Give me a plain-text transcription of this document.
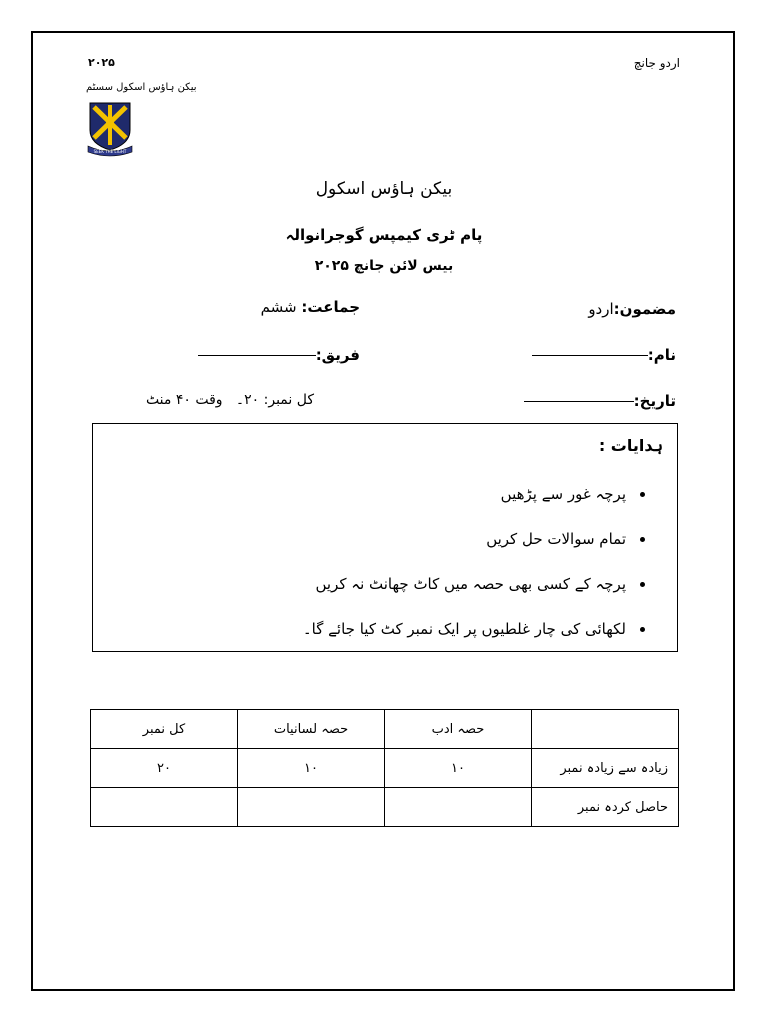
۲۰۲۵
بیکن ہاؤس اسکول سسٹم
اردو جانچ
SEEK THE LIGHT
بیکن ہاؤس اسکول
پام ٹری کیمپس گوجرانوالہ
بیس لائن جانچ ۲۰۲۵
مضمون:اردو
جماعت: ششم
نام:
فریق:
تاریخ:
کل نمبر: ۲۰۔   وقت ۴۰ منٹ
ہدایات :
پرچہ غور سے پڑھیں
تمام سوالات حل کریں
پرچہ کے کسی بھی حصہ میں کاٹ چھانٹ نہ کریں
لکھائی کی چار غلطیوں پر ایک نمبر کٹ کیا جائے گا۔
	حصہ ادب	حصہ لسانیات	کل نمبر
زیادہ سے زیادہ نمبر	۱۰	۱۰	۲۰
حاصل کردہ نمبر			
